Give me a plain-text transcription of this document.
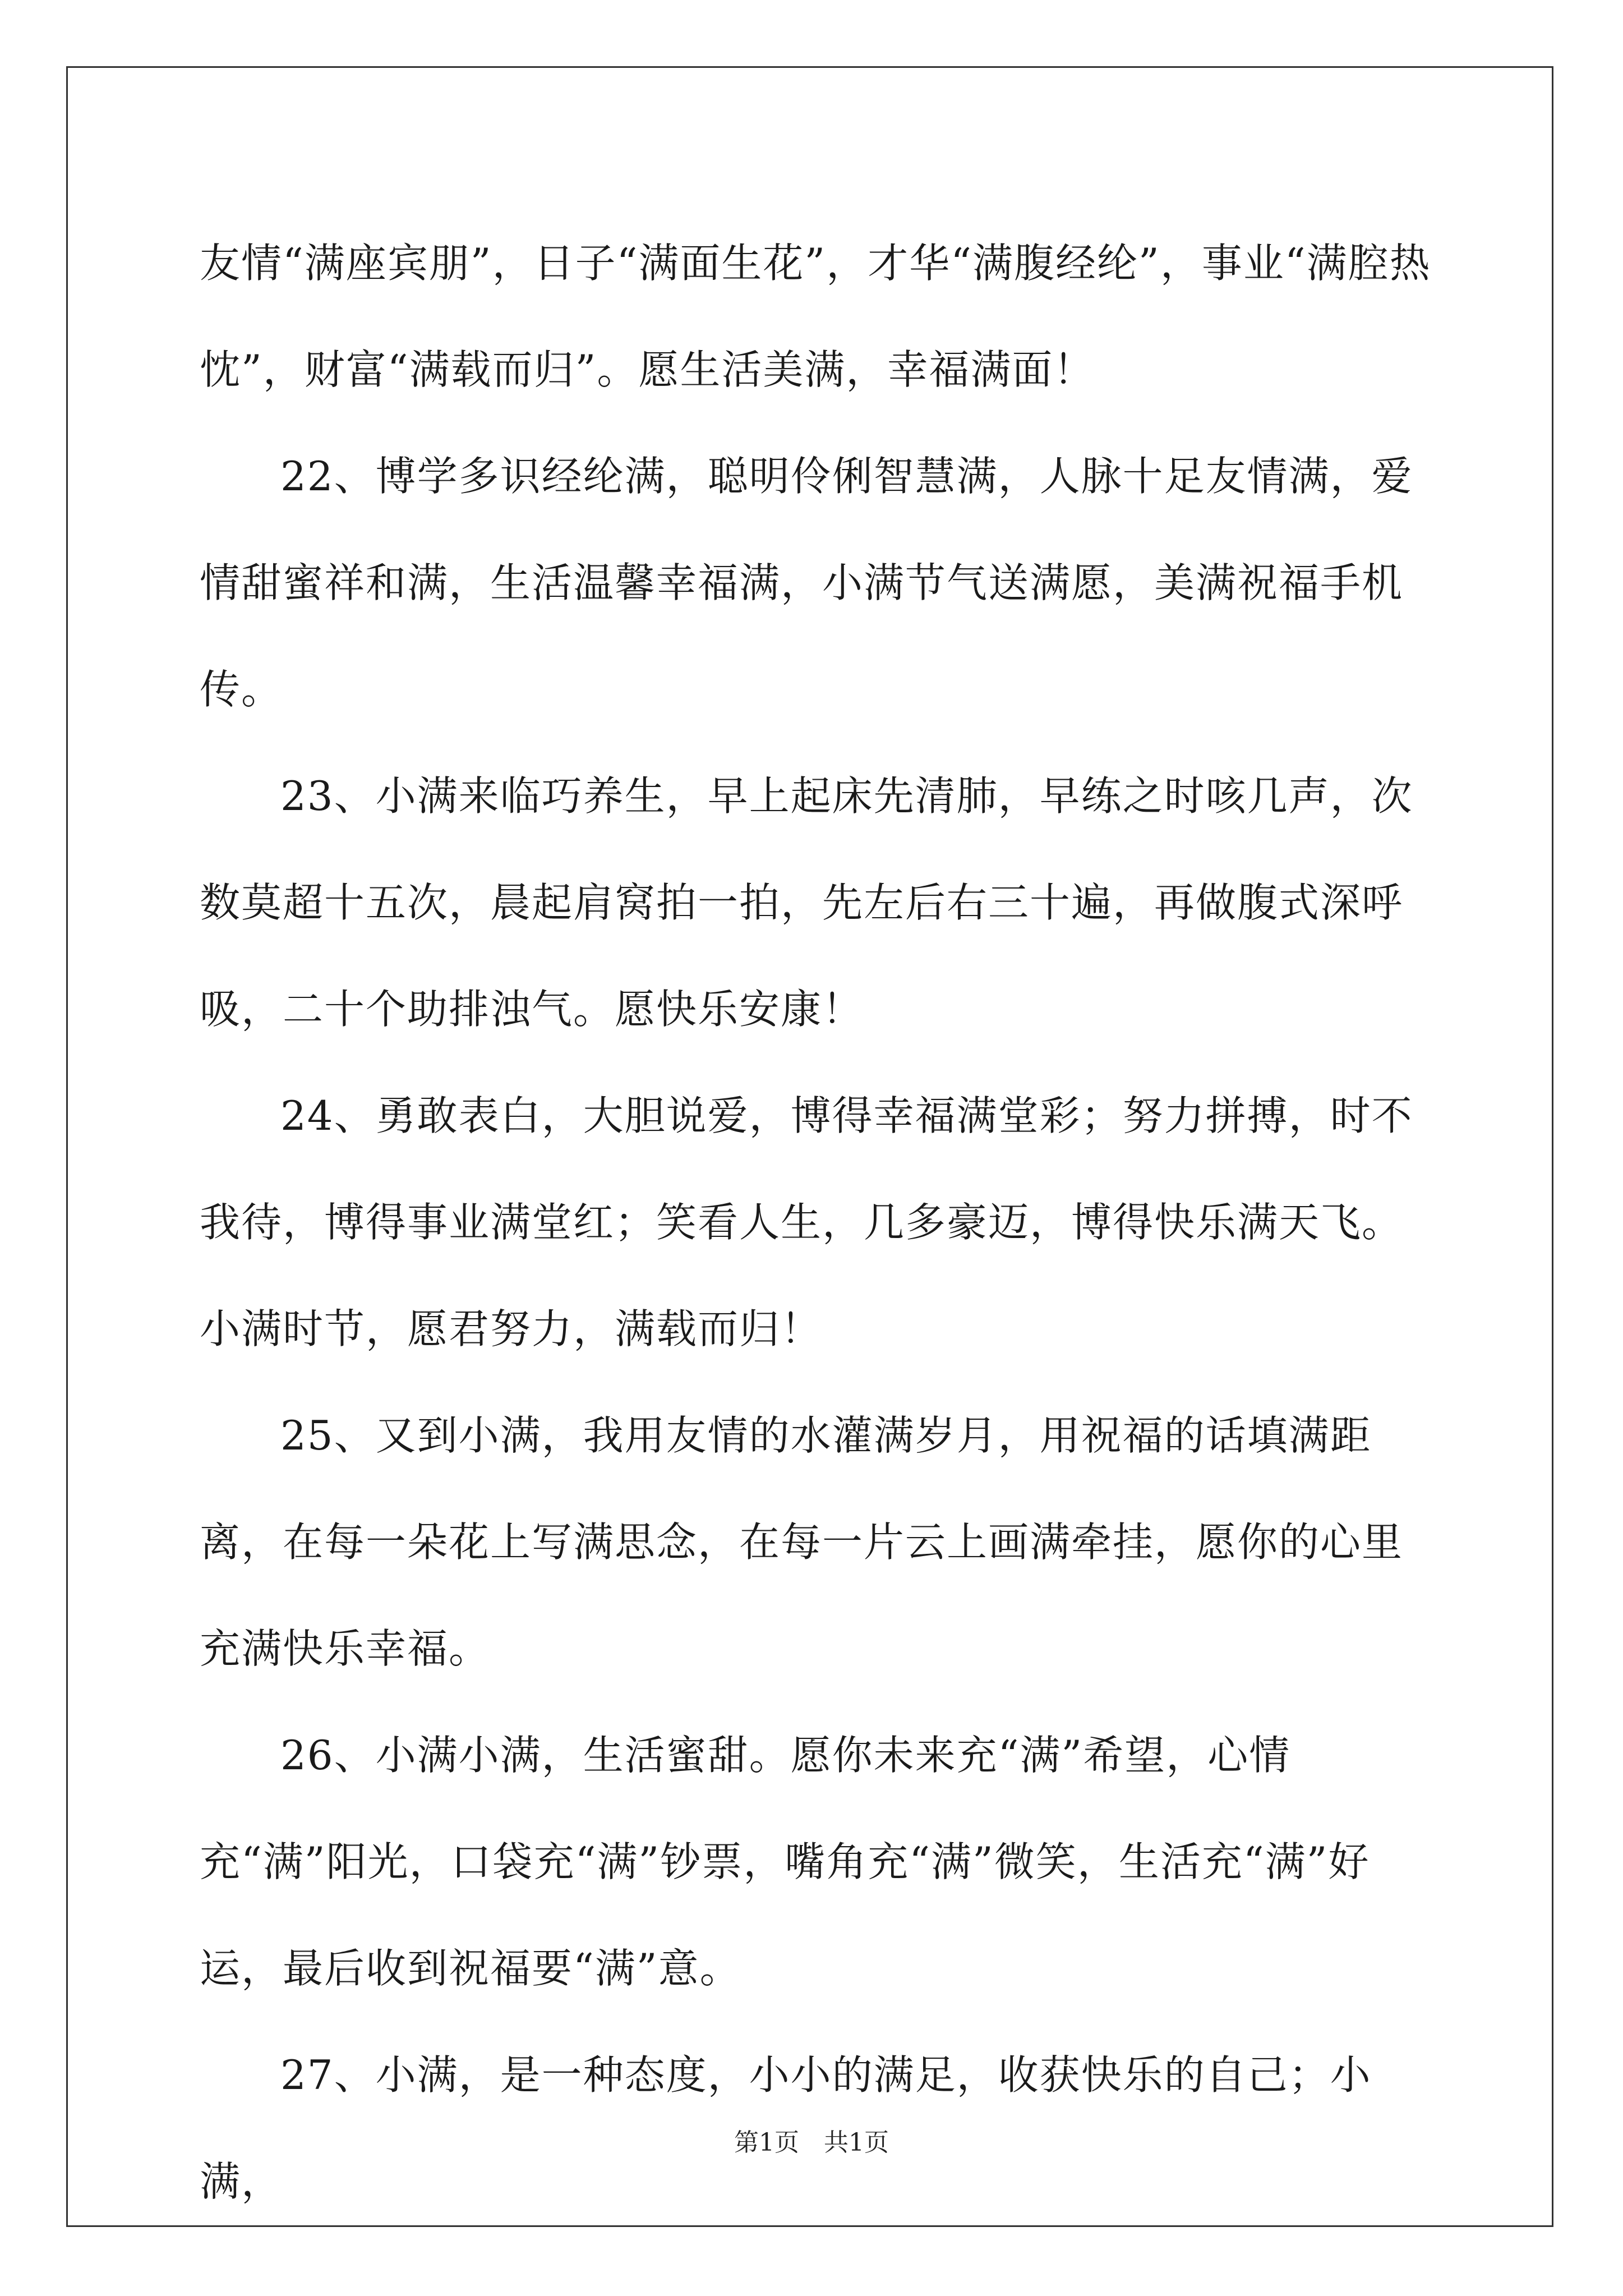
友情“满座宾朋”，日子“满面生花”，才华“满腹经纶”，事业“满腔热忱”，财富“满载而归”。愿生活美满，幸福满面！

22、博学多识经纶满，聪明伶俐智慧满，人脉十足友情满，爱情甜蜜祥和满，生活温馨幸福满，小满节气送满愿，美满祝福手机传。

23、小满来临巧养生，早上起床先清肺，早练之时咳几声，次数莫超十五次，晨起肩窝拍一拍，先左后右三十遍，再做腹式深呼吸，二十个助排浊气。愿快乐安康！

24、勇敢表白，大胆说爱，博得幸福满堂彩；努力拼搏，时不我待，博得事业满堂红；笑看人生，几多豪迈，博得快乐满天飞。小满时节，愿君努力，满载而归！

25、又到小满，我用友情的水灌满岁月，用祝福的话填满距离，在每一朵花上写满思念，在每一片云上画满牵挂，愿你的心里充满快乐幸福。

26、小满小满，生活蜜甜。愿你未来充“满”希望，心情充“满”阳光，口袋充“满”钞票，嘴角充“满”微笑，生活充“满”好运，最后收到祝福要“满”意。

27、小满，是一种态度，小小的满足，收获快乐的自己；小满，

第1页　共1页
